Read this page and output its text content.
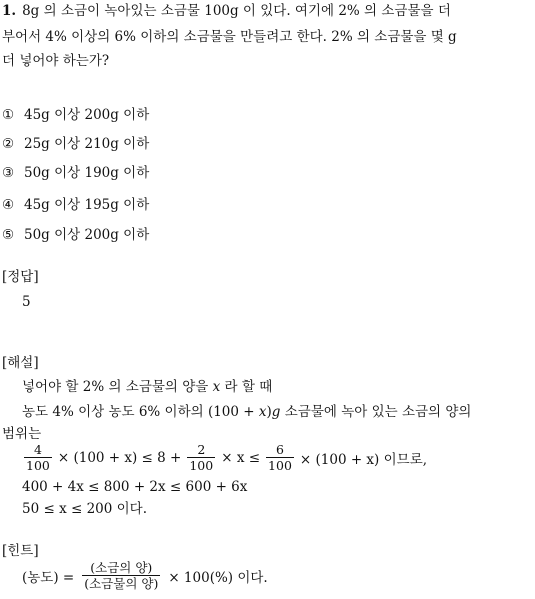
1. 8g 의 소금이 녹아있는 소금물 100g 이 있다. 여기에 2% 의 소금물을 더
부어서 4% 이상의 6% 이하의 소금물을 만들려고 한다. 2% 의 소금물을 몇 g
더 넣어야 하는가?
① 45g 이상 200g 이하
② 25g 이상 210g 이하
③ 50g 이상 190g 이하
④ 45g 이상 195g 이하
⑤ 50g 이상 200g 이하
[정답]
5
[해설]
넣어야 할 2% 의 소금물의 양을 x 라 할 때
농도 4% 이상 농도 6% 이하의 (100 + x)g 소금물에 녹아 있는 소금의 양의
범위는
$\frac{4}{100} \times (100 + x) \le 8 + \frac{2}{100} \times x \le \frac{6}{100} \times (100 + x)$ 이므로,
400 + 4x ≤ 800 + 2x ≤ 600 + 6x
50 ≤ x ≤ 200 이다.
[힌트]
(농도) = $\frac{\text{(소금의 양)}}{\text{(소금물의 양)}} \times 100(\%)$ 이다.
